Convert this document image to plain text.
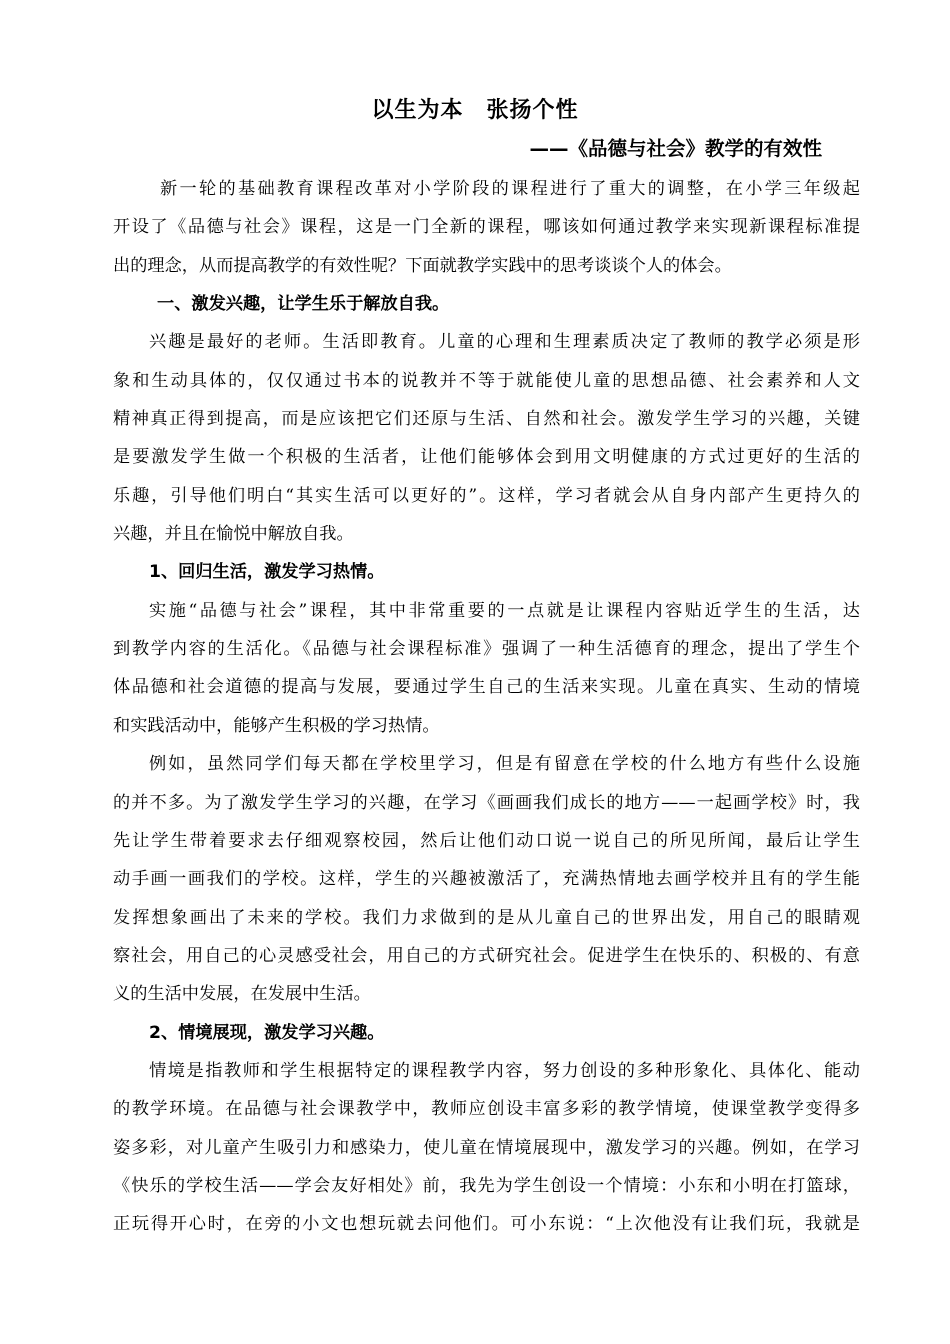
以生为本　张扬个性
——《品德与社会》教学的有效性
新一轮的基础教育课程改革对小学阶段的课程进行了重大的调整，在小学三年级起
开设了《品德与社会》课程，这是一门全新的课程，哪该如何通过教学来实现新课程标准提
出的理念，从而提高教学的有效性呢？下面就教学实践中的思考谈谈个人的体会。
一、激发兴趣，让学生乐于解放自我。
兴趣是最好的老师。生活即教育。儿童的心理和生理素质决定了教师的教学必须是形
象和生动具体的，仅仅通过书本的说教并不等于就能使儿童的思想品德、社会素养和人文
精神真正得到提高，而是应该把它们还原与生活、自然和社会。激发学生学习的兴趣，关键
是要激发学生做一个积极的生活者，让他们能够体会到用文明健康的方式过更好的生活的
乐趣，引导他们明白“其实生活可以更好的”。这样，学习者就会从自身内部产生更持久的
兴趣，并且在愉悦中解放自我。
1、回归生活，激发学习热情。
实施“品德与社会”课程，其中非常重要的一点就是让课程内容贴近学生的生活，达
到教学内容的生活化。《品德与社会课程标准》强调了一种生活德育的理念，提出了学生个
体品德和社会道德的提高与发展，要通过学生自己的生活来实现。儿童在真实、生动的情境
和实践活动中，能够产生积极的学习热情。
例如，虽然同学们每天都在学校里学习，但是有留意在学校的什么地方有些什么设施
的并不多。为了激发学生学习的兴趣，在学习《画画我们成长的地方——一起画学校》时，我
先让学生带着要求去仔细观察校园，然后让他们动口说一说自己的所见所闻，最后让学生
动手画一画我们的学校。这样，学生的兴趣被激活了，充满热情地去画学校并且有的学生能
发挥想象画出了未来的学校。我们力求做到的是从儿童自己的世界出发，用自己的眼睛观
察社会，用自己的心灵感受社会，用自己的方式研究社会。促进学生在快乐的、积极的、有意
义的生活中发展，在发展中生活。
2、情境展现，激发学习兴趣。
情境是指教师和学生根据特定的课程教学内容，努力创设的多种形象化、具体化、能动
的教学环境。在品德与社会课教学中，教师应创设丰富多彩的教学情境，使课堂教学变得多
姿多彩，对儿童产生吸引力和感染力，使儿童在情境展现中，激发学习的兴趣。例如，在学习
《快乐的学校生活——学会友好相处》前，我先为学生创设一个情境：小东和小明在打篮球，
正玩得开心时，在旁的小文也想玩就去问他们。可小东说：“上次他没有让我们玩，我就是
